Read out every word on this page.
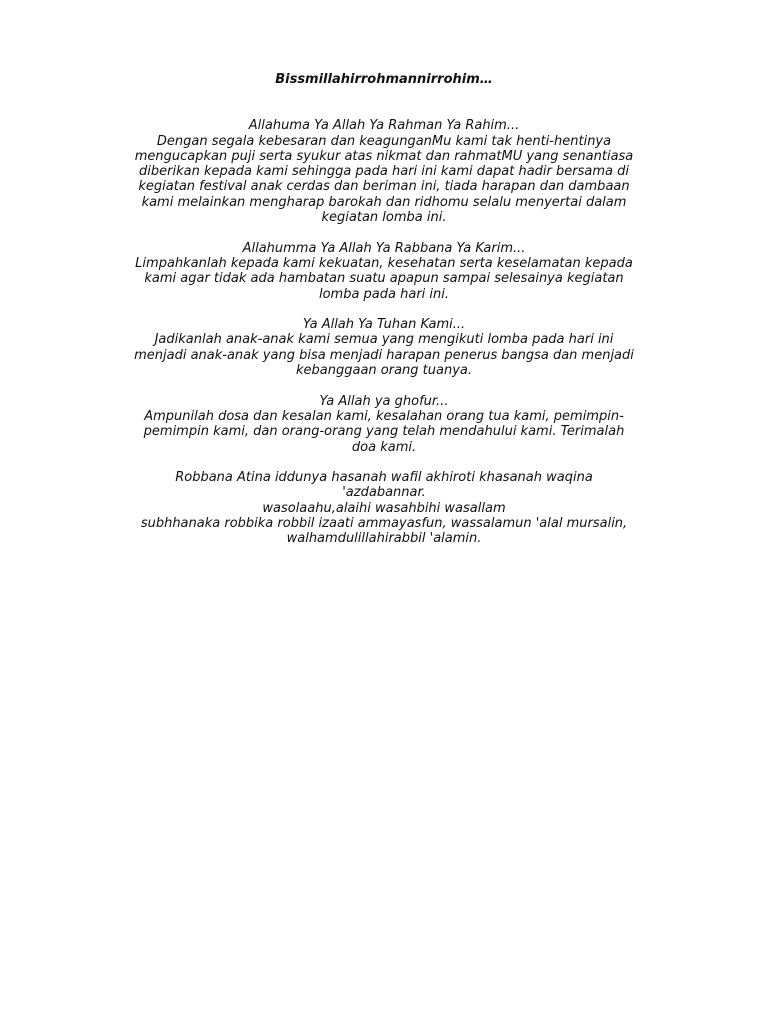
Bissmillahirrohmannirrohim…
Allahuma Ya Allah Ya Rahman Ya Rahim...
Dengan segala kebesaran dan keagunganMu kami tak henti-hentinya
mengucapkan puji serta syukur atas nikmat dan rahmatMU yang senantiasa
diberikan kepada kami sehingga pada hari ini kami dapat hadir bersama di
kegiatan festival anak cerdas dan beriman ini, tiada harapan dan dambaan
kami melainkan mengharap barokah dan ridhomu selalu menyertai dalam
kegiatan lomba ini.
Allahumma Ya Allah Ya Rabbana Ya Karim...
Limpahkanlah kepada kami kekuatan, kesehatan serta keselamatan kepada
kami agar tidak ada hambatan suatu apapun sampai selesainya kegiatan
lomba pada hari ini.
Ya Allah Ya Tuhan Kami...
Jadikanlah anak-anak kami semua yang mengikuti lomba pada hari ini
menjadi anak-anak yang bisa menjadi harapan penerus bangsa dan menjadi
kebanggaan orang tuanya.
Ya Allah ya ghofur...
Ampunilah dosa dan kesalan kami, kesalahan orang tua kami, pemimpin-
pemimpin kami, dan orang-orang yang telah mendahului kami. Terimalah
doa kami.
Robbana Atina iddunya hasanah wafil akhiroti khasanah waqina
'azdabannar.
wasolaahu,alaihi wasahbihi wasallam
subhhanaka robbika robbil izaati ammayasfun, wassalamun 'alal mursalin,
walhamdulillahirabbil 'alamin.
